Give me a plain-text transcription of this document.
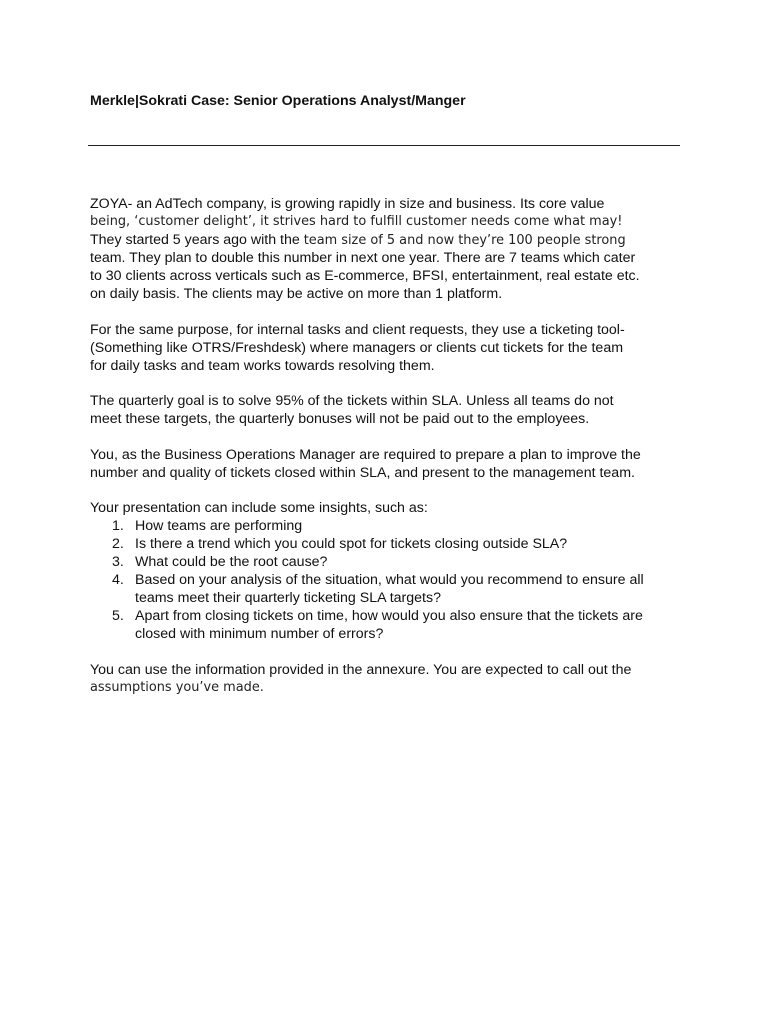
Merkle|Sokrati Case: Senior Operations Analyst/Manger
ZOYA- an AdTech company, is growing rapidly in size and business. Its core value
being, ‘customer delight’, it strives hard to fulfill customer needs come what may!
They started 5 years ago with the team size of 5 and now they’re 100 people strong
team. They plan to double this number in next one year. There are 7 teams which cater
to 30 clients across verticals such as E-commerce, BFSI, entertainment, real estate etc.
on daily basis. The clients may be active on more than 1 platform.
For the same purpose, for internal tasks and client requests, they use a ticketing tool-
(Something like OTRS/Freshdesk) where managers or clients cut tickets for the team
for daily tasks and team works towards resolving them.
The quarterly goal is to solve 95% of the tickets within SLA. Unless all teams do not
meet these targets, the quarterly bonuses will not be paid out to the employees.
You, as the Business Operations Manager are required to prepare a plan to improve the
number and quality of tickets closed within SLA, and present to the management team.
Your presentation can include some insights, such as:
1. How teams are performing
2. Is there a trend which you could spot for tickets closing outside SLA?
3. What could be the root cause?
4. Based on your analysis of the situation, what would you recommend to ensure all
teams meet their quarterly ticketing SLA targets?
5. Apart from closing tickets on time, how would you also ensure that the tickets are
closed with minimum number of errors?
You can use the information provided in the annexure. You are expected to call out the
assumptions you’ve made.
